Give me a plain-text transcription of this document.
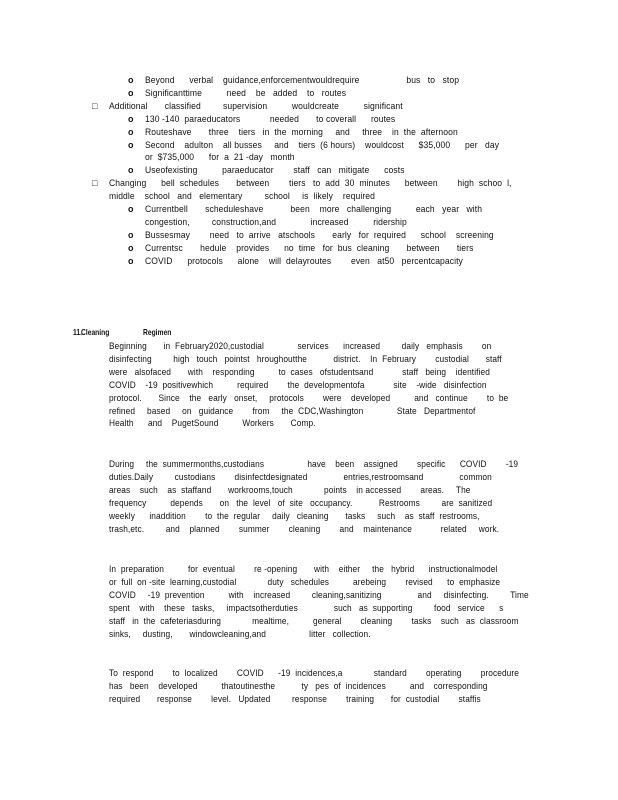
o Beyond      verbal    guidance,enforcementwouldrequire                   bus   to   stop
o Significanttime          need    be   added    to   routes
□ Additional       classified         supervision          wouldcreate          significant
o 130 -140  paraeducators            needed       to coverall      routes
o Routeshave       three    tiers   in  the  morning     and     three    in  the  afternoon
o Second    adulton    all busses     and    tiers  (6 hours)    wouldcost      $35,000      per   day
or  $735,000      for  a  21 -day   month
o Useofexisting          paraeducator        staff   can   mitigate      costs
□ Changing      bell  schedules       between        tiers   to  add  30  minutes      between        high  schoo  l,
middle    school   and   elementary         school     is  likely    required
o Currentbell       scheduleshave           been    more   challenging          each   year   with
congestion,         construction,and              increased          ridership
o Bussesmay        need   to  arrive   atschools       early   for  required      school    screening
o Currentsc       hedule    provides      no  time   for  bus  cleaning       between       tiers
o COVID      protocols      alone    will  delayroutes        even   at50   percentcapacity
11. Cleaning	Regimen
Beginning       in  February2020,custodial              services      increased         daily   emphasis        on
disinfecting         high   touch   pointst   hroughoutthe           district.    In  February        custodial       staff
were   alsofaced       with    responding          to  cases   ofstudentsand            staff   being    identified
COVID    -19  positivewhich          required        the  developmentofa            site    -wide   disinfection
protocol.       Since    the   early   onset,     protocols        were    developed          and   continue        to  be
refined     based     on   guidance        from     the  CDC,Washington              State   Departmentof
Health      and    PugetSound          Workers       Comp.
During     the  summermonths,custodians                  have    been    assigned        specific      COVID        -19
duties.Daily         custodians        disinfectdesignated               entries,restroomsand               common
areas    such    as  staffand       workrooms,touch             points    in accessed        areas.     The
frequency          depends       on   the  level   of  site   occupancy.           Restrooms         are  sanitized
weekly      inaddition        to  the  regular     daily   cleaning       tasks     such    as  staff  restrooms,
trash,etc.         and    planned        summer        cleaning        and    maintenance            related     work.
In  preparation          for  eventual        re -opening       with    either     the   hybrid      instructionalmodel
or  full  on -site  learning,custodial             duty   schedules          arebeing        revised      to  emphasize
COVID     -19  prevention          with    increased         cleaning,sanitizing               and     disinfecting.         Time
spent    with    these   tasks,     impactsotherduties               such   as  supporting         food   service      s
staff   in  the  cafeteriasduring             mealtime,          general        cleaning        tasks    such   as  classroom
sinks,     dusting,       windowcleaning,and                  litter   collection.
To  respond        to  localized        COVID      -19  incidences,a             standard        operating        procedure
has   been    developed          thatoutinesthe           ty   pes  of  incidences          and    corresponding
required       response        level.   Updated         response        training       for  custodial        staffis
